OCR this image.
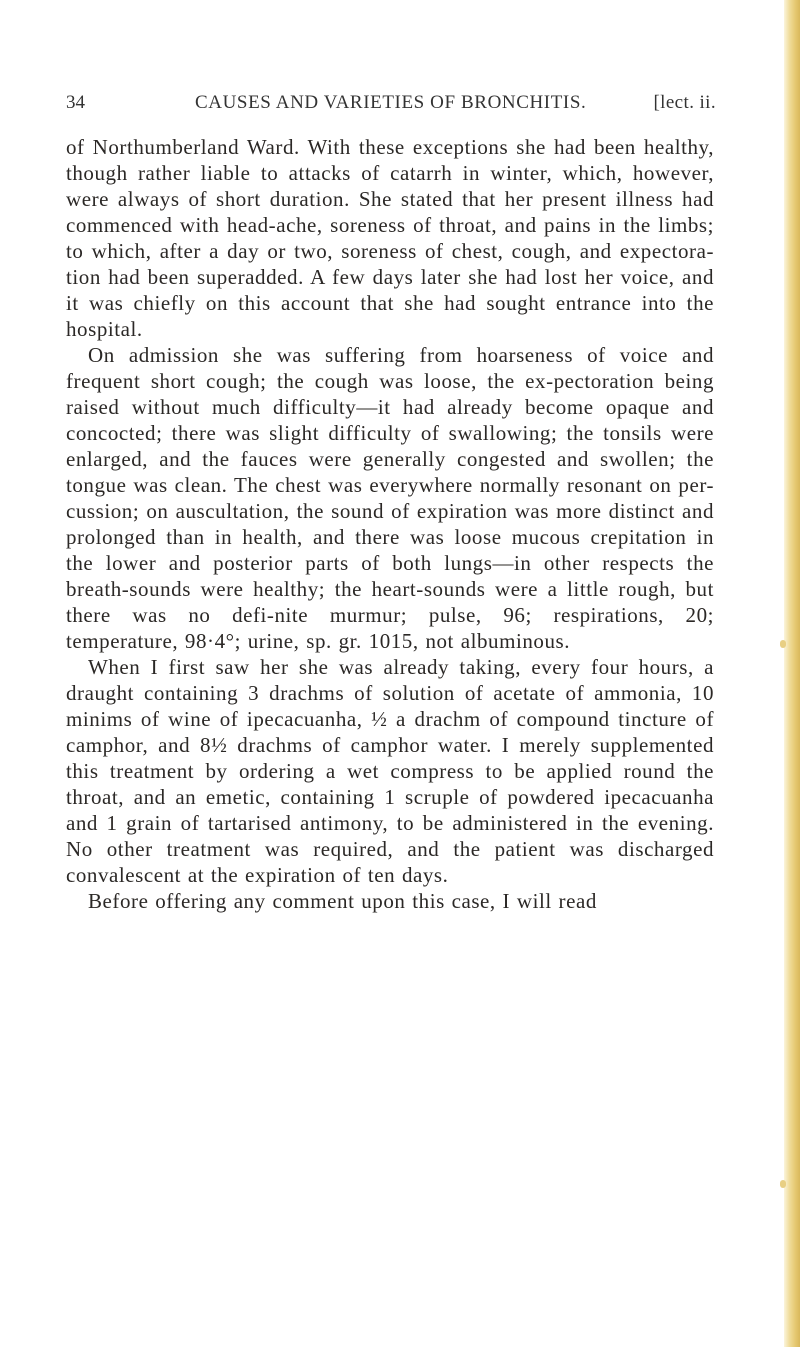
34	CAUSES AND VARIETIES OF BRONCHITIS.	[lect. ii.

of Northumberland Ward. With these exceptions she had been healthy, though rather liable to attacks of catarrh in winter, which, however, were always of short duration. She stated that her present illness had commenced with head-ache, soreness of throat, and pains in the limbs; to which, after a day or two, soreness of chest, cough, and expectora-tion had been superadded. A few days later she had lost her voice, and it was chiefly on this account that she had sought entrance into the hospital.

On admission she was suffering from hoarseness of voice and frequent short cough; the cough was loose, the ex-pectoration being raised without much difficulty—it had already become opaque and concocted; there was slight difficulty of swallowing; the tonsils were enlarged, and the fauces were generally congested and swollen; the tongue was clean. The chest was everywhere normally resonant on per-cussion; on auscultation, the sound of expiration was more distinct and prolonged than in health, and there was loose mucous crepitation in the lower and posterior parts of both lungs—in other respects the breath-sounds were healthy; the heart-sounds were a little rough, but there was no defi-nite murmur; pulse, 96; respirations, 20; temperature, 98·4°; urine, sp. gr. 1015, not albuminous.

When I first saw her she was already taking, every four hours, a draught containing 3 drachms of solution of acetate of ammonia, 10 minims of wine of ipecacuanha, ½ a drachm of compound tincture of camphor, and 8½ drachms of camphor water. I merely supplemented this treatment by ordering a wet compress to be applied round the throat, and an emetic, containing 1 scruple of powdered ipecacuanha and 1 grain of tartarised antimony, to be administered in the evening. No other treatment was required, and the patient was discharged convalescent at the expiration of ten days.

Before offering any comment upon this case, I will read
